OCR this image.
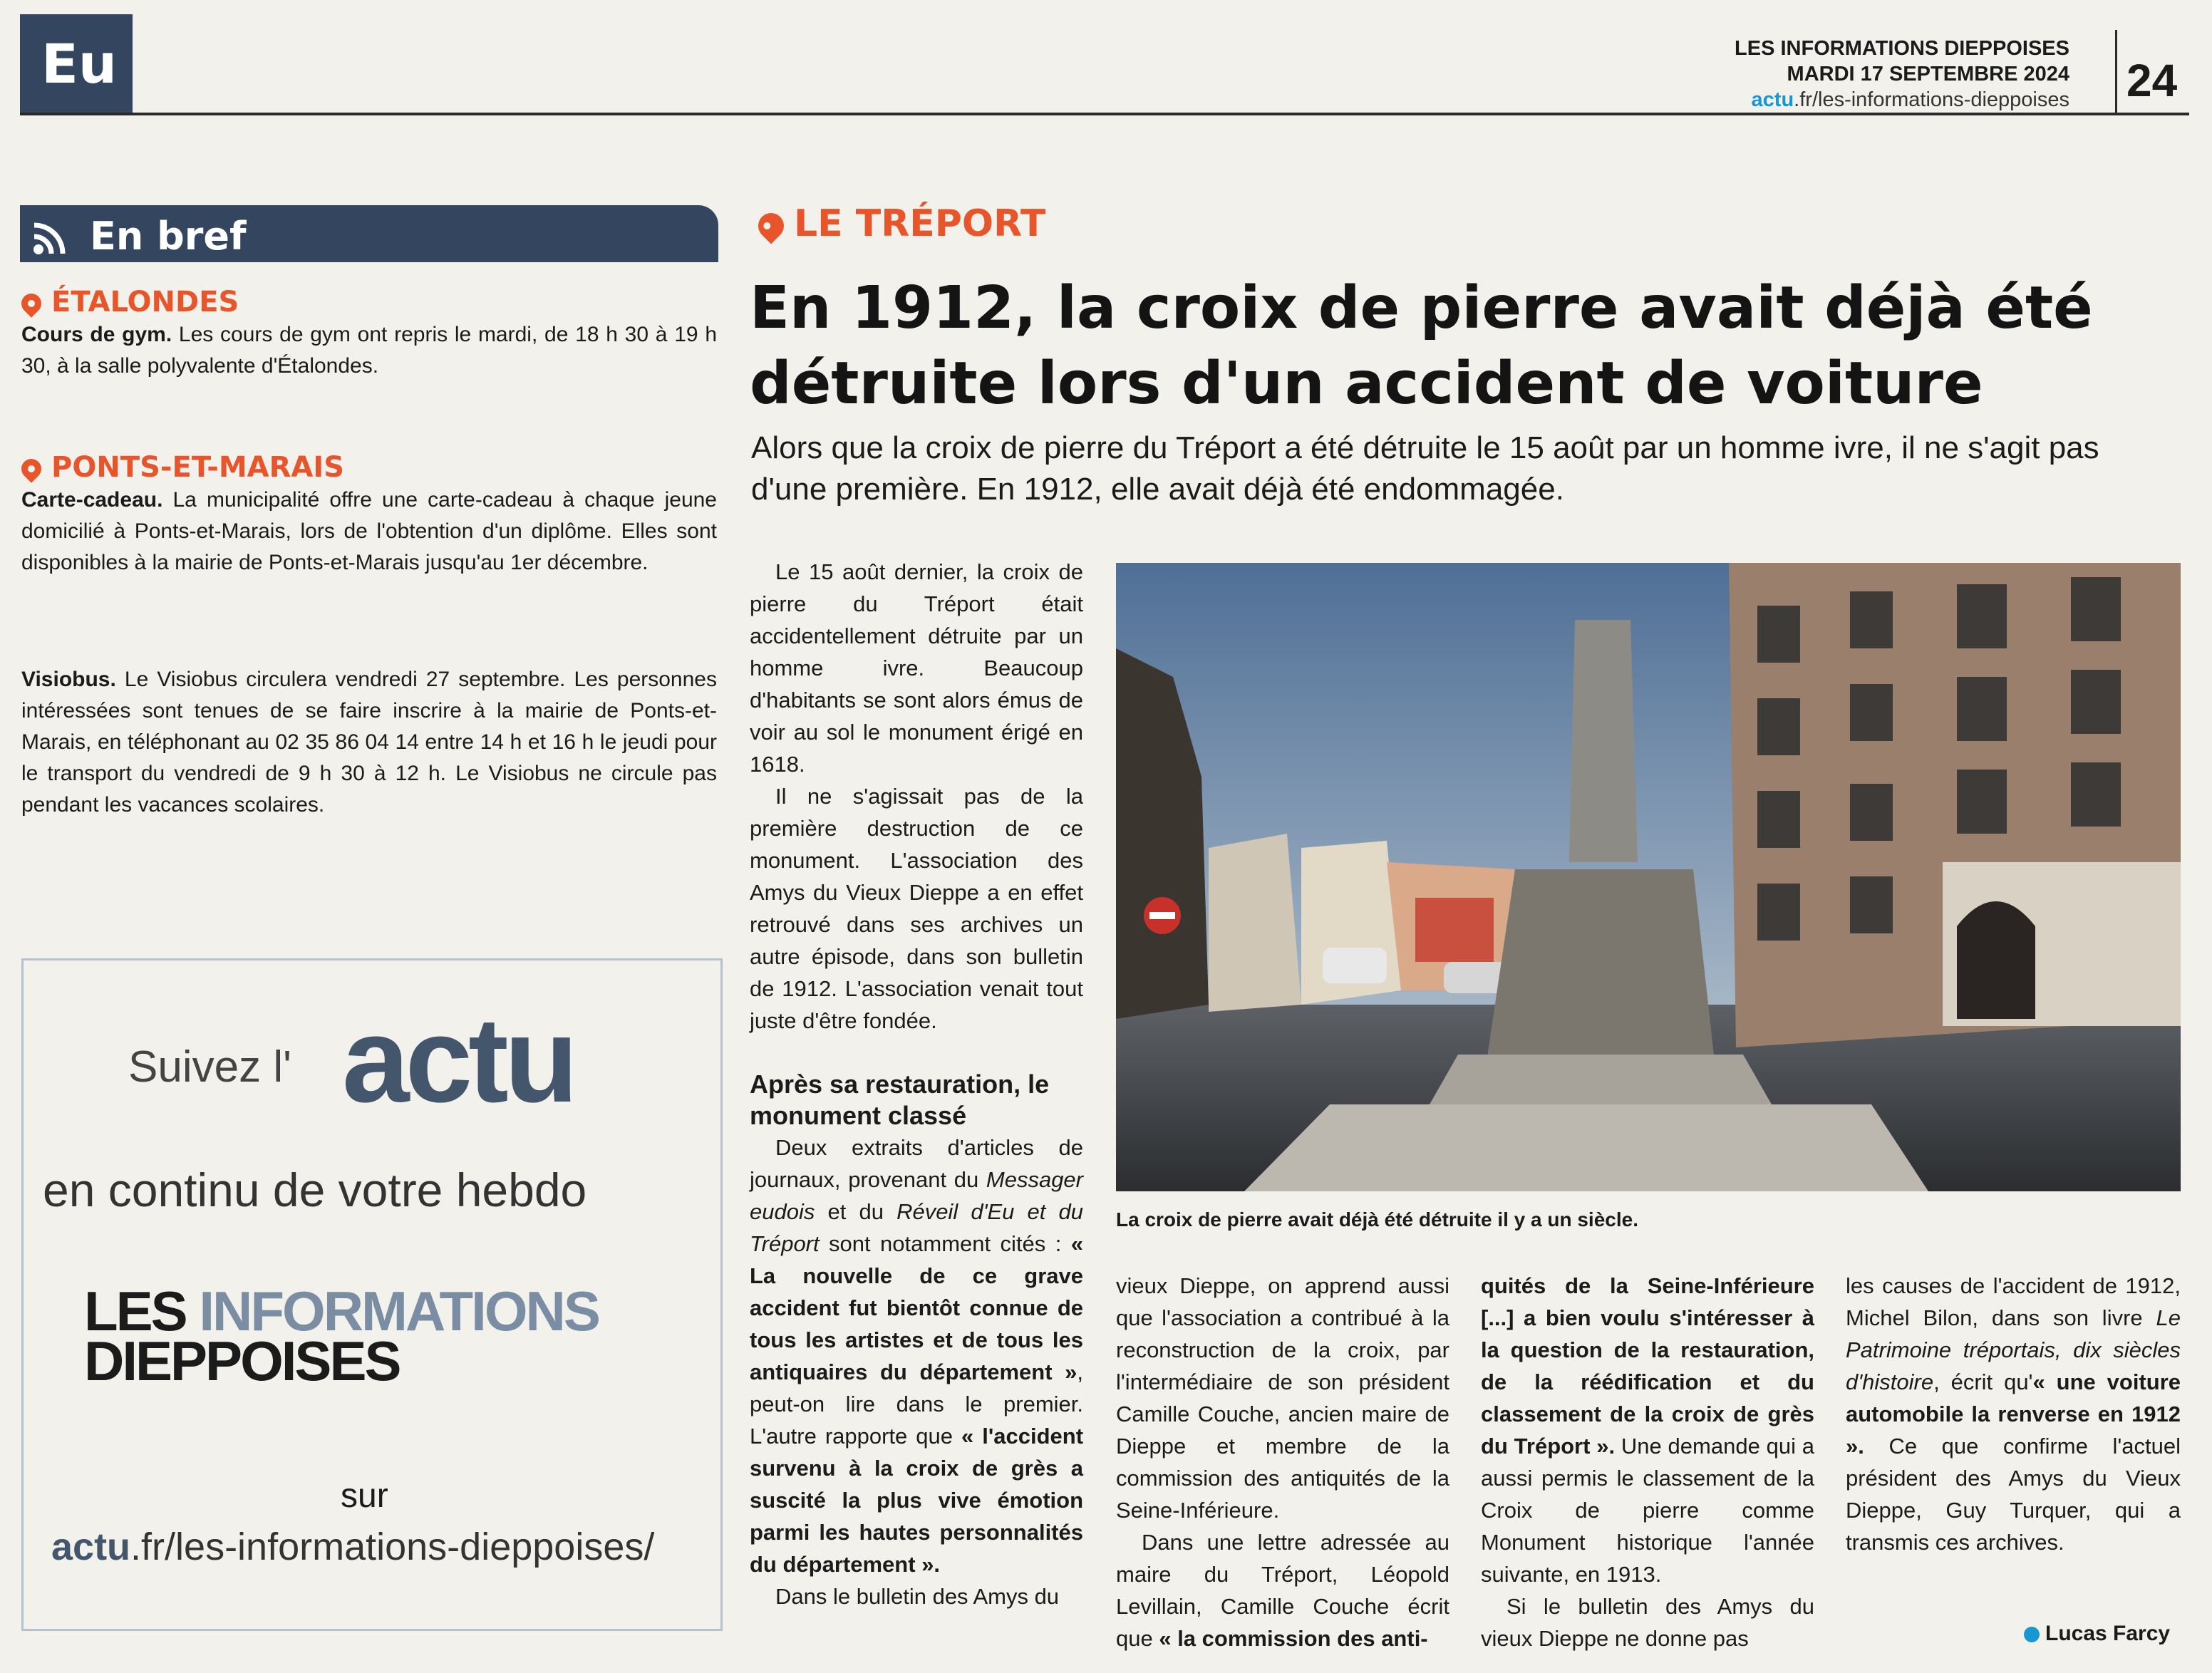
Eu	LES INFORMATIONS DIEPPOISES
MARDI 17 SEPTEMBRE 2024
actu.fr/les-informations-dieppoises 24
En bref
ÉTALONDES
Cours de gym. Les cours de gym ont repris le mardi, de 18 h 30 à 19 h 30, à la salle polyvalente d'Étalondes.
PONTS-ET-MARAIS
Carte-cadeau. La municipalité offre une carte-cadeau à chaque jeune domicilié à Ponts-et-Marais, lors de l'obtention d'un diplôme. Elles sont disponibles à la mairie de Ponts-et-Marais jusqu'au 1er décembre.
Visiobus. Le Visiobus circulera vendredi 27 septembre. Les personnes intéressées sont tenues de se faire inscrire à la mairie de Ponts-et-Marais, en téléphonant au 02 35 86 04 14 entre 14 h et 16 h le jeudi pour le transport du vendredi de 9 h 30 à 12 h. Le Visiobus ne circule pas pendant les vacances scolaires.
Suivez l' actu
en continu de votre hebdo
LES INFORMATIONS
DIEPPOISES
sur
actu.fr/les-informations-dieppoises/
LE TRÉPORT
En 1912, la croix de pierre avait déjà été détruite lors d'un accident de voiture
Alors que la croix de pierre du Tréport a été détruite le 15 août par un homme ivre, il ne s'agit pas d'une première. En 1912, elle avait déjà été endommagée.

Le 15 août dernier, la croix de pierre du Tréport était accidentellement détruite par un homme ivre. Beaucoup d'habitants se sont alors émus de voir au sol le monument érigé en 1618.

Il ne s'agissait pas de la première destruction de ce monument. L'association des Amys du Vieux Dieppe a en effet retrouvé dans ses archives un autre épisode, dans son bulletin de 1912. L'association venait tout juste d'être fondée.

Après sa restauration, le monument classé

Deux extraits d'articles de journaux, provenant du Messager eudois et du Réveil d'Eu et du Tréport sont notamment cités : « La nouvelle de ce grave accident fut bientôt connue de tous les artistes et de tous les antiquaires du département », peut-on lire dans le premier. L'autre rapporte que « l'accident survenu à la croix de grès a suscité la plus vive émotion parmi les hautes personnalités du département ».

Dans le bulletin des Amys du

La croix de pierre avait déjà été détruite il y a un siècle.

vieux Dieppe, on apprend aussi que l'association a contribué à la reconstruction de la croix, par l'intermédiaire de son président Camille Couche, ancien maire de Dieppe et membre de la commission des antiquités de la Seine-Inférieure.

Dans une lettre adressée au maire du Tréport, Léopold Levillain, Camille Couche écrit que « la commission des anti-

quités de la Seine-Inférieure [...] a bien voulu s'intéresser à la question de la restauration, de la réédification et du classement de la croix de grès du Tréport ». Une demande qui a aussi permis le classement de la Croix de pierre comme Monument historique l'année suivante, en 1913.

Si le bulletin des Amys du vieux Dieppe ne donne pas

les causes de l'accident de 1912, Michel Bilon, dans son livre Le Patrimoine tréportais, dix siècles d'histoire, écrit qu'« une voiture automobile la renverse en 1912 ». Ce que confirme l'actuel président des Amys du Vieux Dieppe, Guy Turquer, qui a transmis ces archives.

Lucas Farcy
